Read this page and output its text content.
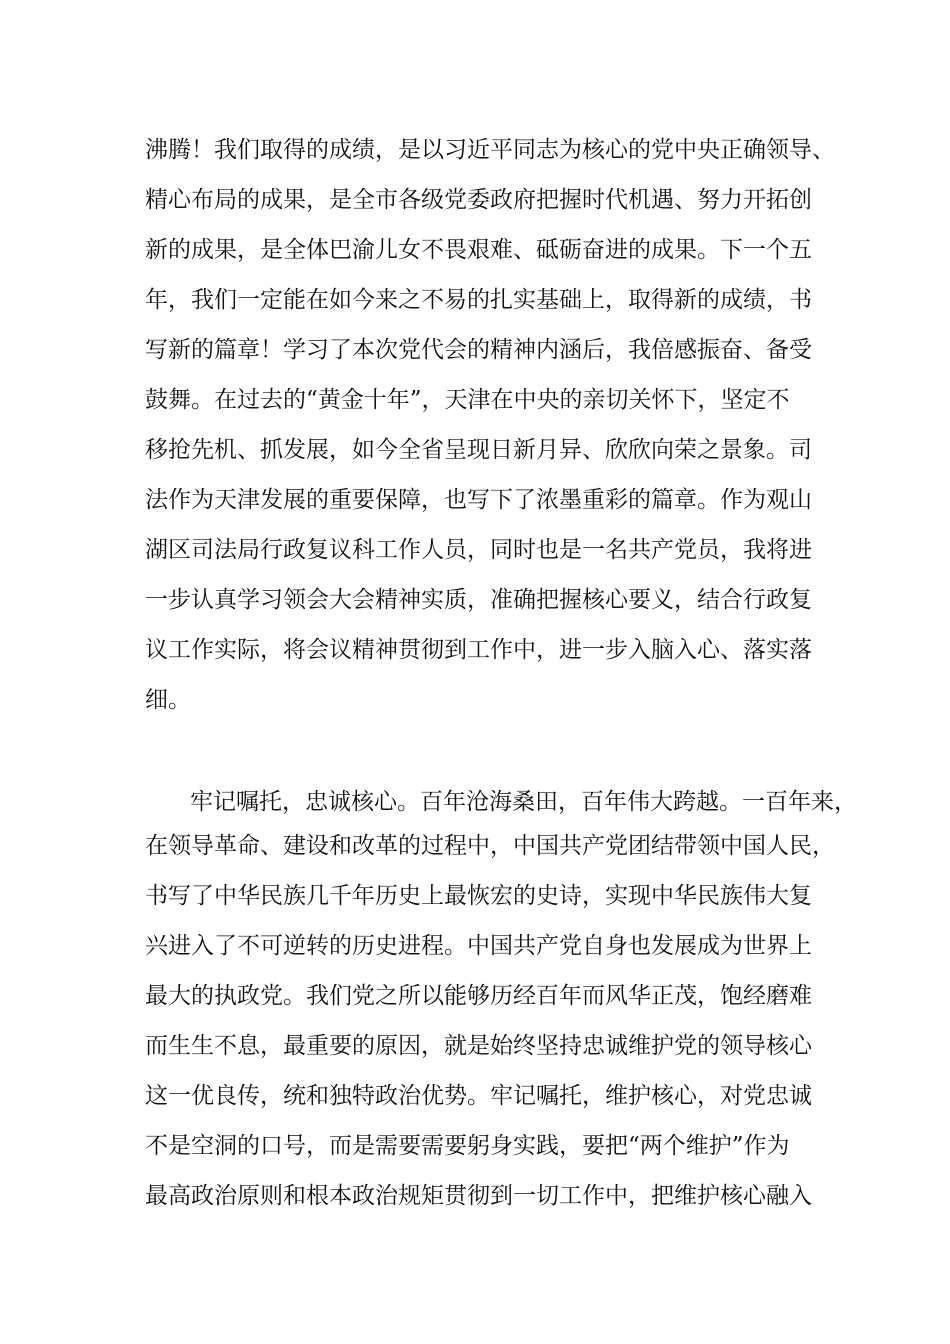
沸腾！我们取得的成绩，是以习近平同志为核心的党中央正确领导、
精心布局的成果，是全市各级党委政府把握时代机遇、努力开拓创
新的成果，是全体巴渝儿女不畏艰难、砥砺奋进的成果。下一个五
年，我们一定能在如今来之不易的扎实基础上，取得新的成绩，书
写新的篇章！学习了本次党代会的精神内涵后，我倍感振奋、备受
鼓舞。在过去的“黄金十年”，天津在中央的亲切关怀下，坚定不
移抢先机、抓发展，如今全省呈现日新月异、欣欣向荣之景象。司
法作为天津发展的重要保障，也写下了浓墨重彩的篇章。作为观山
湖区司法局行政复议科工作人员，同时也是一名共产党员，我将进
一步认真学习领会大会精神实质，准确把握核心要义，结合行政复
议工作实际，将会议精神贯彻到工作中，进一步入脑入心、落实落
细。
牢记嘱托，忠诚核心。百年沧海桑田，百年伟大跨越。一百年来，
在领导革命、建设和改革的过程中，中国共产党团结带领中国人民，
书写了中华民族几千年历史上最恢宏的史诗，实现中华民族伟大复
兴进入了不可逆转的历史进程。中国共产党自身也发展成为世界上
最大的执政党。我们党之所以能够历经百年而风华正茂，饱经磨难
而生生不息，最重要的原因，就是始终坚持忠诚维护党的领导核心
这一优良传，统和独特政治优势。牢记嘱托，维护核心，对党忠诚
不是空洞的口号，而是需要需要躬身实践，要把“两个维护”作为
最高政治原则和根本政治规矩贯彻到一切工作中，把维护核心融入
